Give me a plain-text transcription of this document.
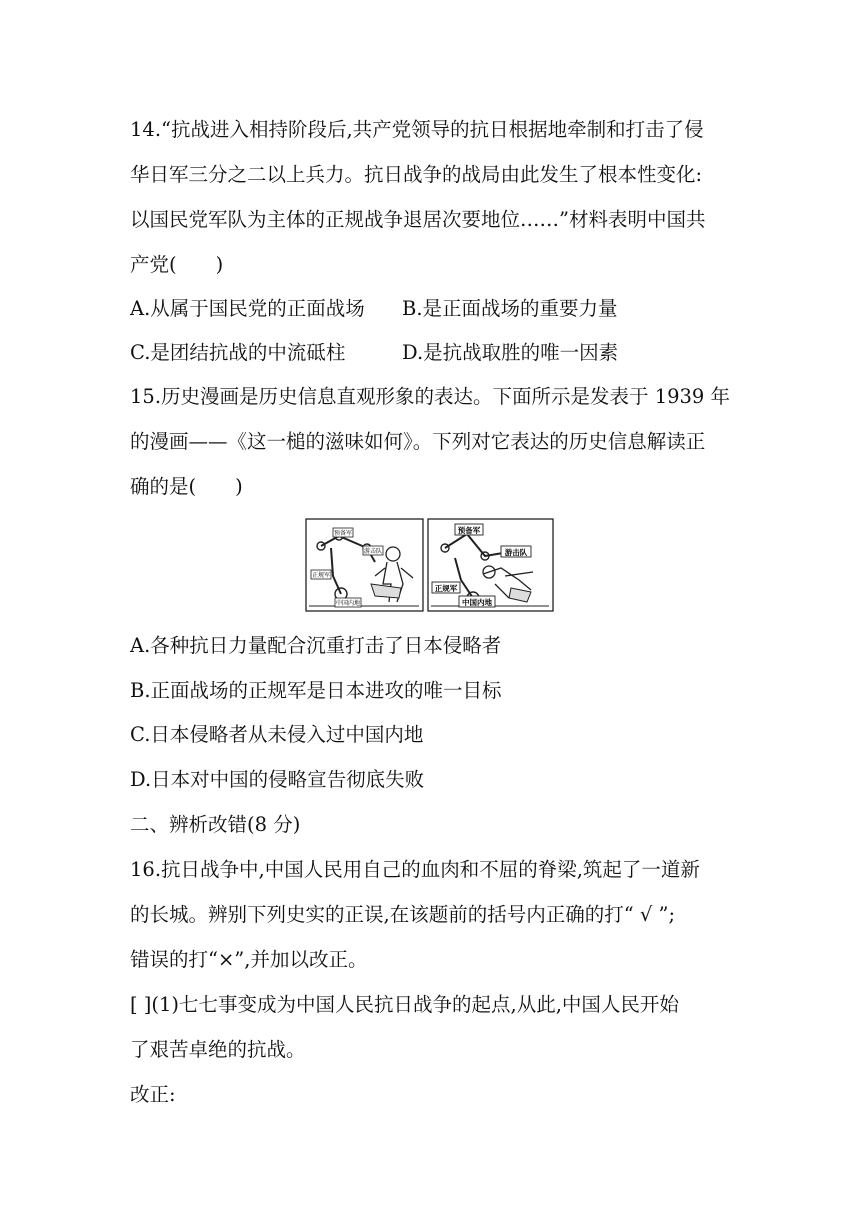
14.“抗战进入相持阶段后,共产党领导的抗日根据地牵制和打击了侵
华日军三分之二以上兵力。抗日战争的战局由此发生了根本性变化:
以国民党军队为主体的正规战争退居次要地位……”材料表明中国共
产党(　　)
A.从属于国民党的正面战场 B.是正面战场的重要力量
C.是团结抗战的中流砥柱	D.是抗战取胜的唯一因素
15.历史漫画是历史信息直观形象的表达。下面所示是发表于 1939 年
的漫画——《这一槌的滋味如何》。下列对它表达的历史信息解读正
确的是(　　)
预备军
游击队
正规军
中国内地
预备军
游击队
正规军
中国内地
A.各种抗日力量配合沉重打击了日本侵略者
B.正面战场的正规军是日本进攻的唯一目标
C.日本侵略者从未侵入过中国内地
D.日本对中国的侵略宣告彻底失败
二、辨析改错(8 分)
16.抗日战争中,中国人民用自己的血肉和不屈的脊梁,筑起了一道新
的长城。辨别下列史实的正误,在该题前的括号内正确的打“ √ ”;
错误的打“×”,并加以改正。
[ ](1)七七事变成为中国人民抗日战争的起点,从此,中国人民开始
了艰苦卓绝的抗战。
改正:
